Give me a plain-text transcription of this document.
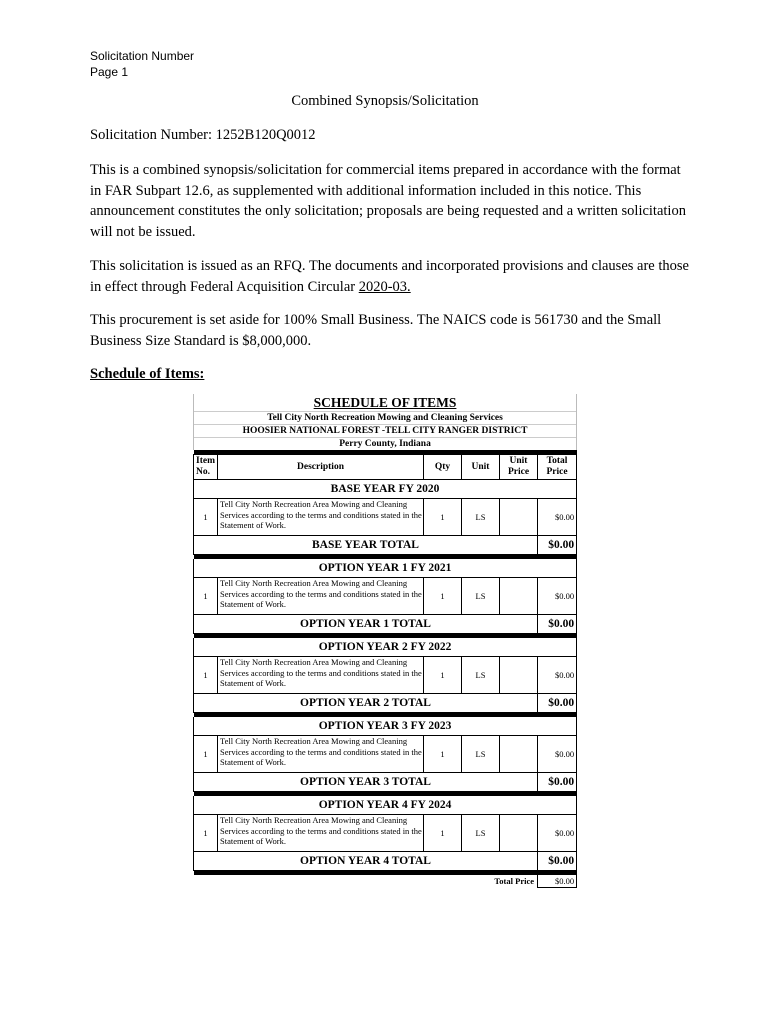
Solicitation Number
Page 1
Combined Synopsis/Solicitation
Solicitation Number: 1252B120Q0012

This is a combined synopsis/solicitation for commercial items prepared in accordance with the format in FAR Subpart 12.6, as supplemented with additional information included in this notice. This announcement constitutes the only solicitation; proposals are being requested and a written solicitation will not be issued.

This solicitation is issued as an RFQ. The documents and incorporated provisions and clauses are those in effect through Federal Acquisition Circular 2020-03.

This procurement is set aside for 100% Small Business. The NAICS code is 561730 and the Small Business Size Standard is $8,000,000.

Schedule of Items:
SCHEDULE OF ITEMS					
Tell City North Recreation Mowing and Cleaning Services					
HOOSIER NATIONAL FOREST -TELL CITY RANGER DISTRICT					
Perry County, Indiana					

Item No.	Description	Qty	Unit	Unit Price	Total Price
BASE YEAR FY 2020					
1	Tell City North Recreation Area Mowing and Cleaning Services according to the terms and conditions stated in the Statement of Work.	1	LS		$0.00
BASE YEAR TOTAL					$0.00

OPTION YEAR 1 FY 2021					
1	Tell City North Recreation Area Mowing and Cleaning Services according to the terms and conditions stated in the Statement of Work.	1	LS		$0.00
OPTION YEAR 1 TOTAL					$0.00

OPTION YEAR 2 FY 2022					
1	Tell City North Recreation Area Mowing and Cleaning Services according to the terms and conditions stated in the Statement of Work.	1	LS		$0.00
OPTION YEAR 2 TOTAL					$0.00

OPTION YEAR 3 FY 2023					
1	Tell City North Recreation Area Mowing and Cleaning Services according to the terms and conditions stated in the Statement of Work.	1	LS		$0.00
OPTION YEAR 3 TOTAL					$0.00

OPTION YEAR 4 FY 2024					
1	Tell City North Recreation Area Mowing and Cleaning Services according to the terms and conditions stated in the Statement of Work.	1	LS		$0.00
OPTION YEAR 4 TOTAL					$0.00

Total Price					$0.00
